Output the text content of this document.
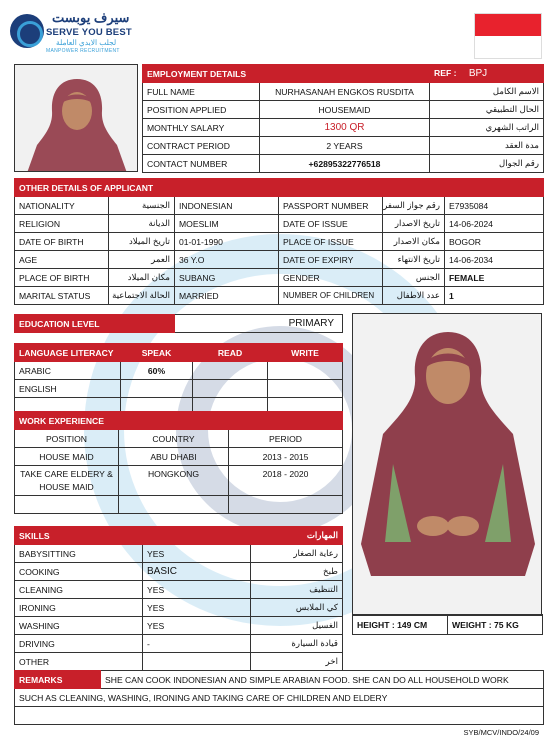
سيرف يوبست
SERVE YOU BEST
لجلب الايدي العاملة
MANPOWER RECRUITMENT
EMPLOYMENT DETAILS		REF : BPJ
FULL NAME	NURHASANAH ENGKOS RUSDITA	الاسم الكامل
POSITION APPLIED	HOUSEMAID	الحال التطبيقي
MONTHLY SALARY	1300 QR	الراتب الشهري
CONTRACT PERIOD	2 YEARS	مدة العقد
CONTACT NUMBER	+62895322776518	رقم الجوال
OTHER DETAILS OF APPLICANT					
NATIONALITY	الجنسية	INDONESIAN	PASSPORT NUMBER	رقم جواز السفر	E7935084
RELIGION	الديانة	MOESLIM	DATE OF ISSUE	تاريخ الاصدار	14-06-2024
DATE OF BIRTH	تاريخ الميلاد	01-01-1990	PLACE OF ISSUE	مكان الاصدار	BOGOR
AGE	العمر	36 Y.O	DATE OF EXPIRY	تاريخ الانتهاء	14-06-2034
PLACE OF BIRTH	مكان الميلاد	SUBANG	GENDER	الجنس	FEMALE
MARITAL STATUS	الحالة الاجتماعية	MARRIED	NUMBER OF CHILDREN	عدد الاطفال	1
EDUCATION LEVEL	PRIMARY
LANGUAGE LITERACY	SPEAK	READ	WRITE
ARABIC	60%		
ENGLISH			

WORK EXPERIENCE		
POSITION	COUNTRY	PERIOD
HOUSE MAID	ABU DHABI	2013 - 2015
TAKE CARE ELDERY & HOUSE MAID	HONGKONG	2018 - 2020

SKILLS		المهارات
BABYSITTING	YES	رعاية الصغار
COOKING	BASIC	طبخ
CLEANING	YES	التنظيف
IRONING	YES	كي الملابس
WASHING	YES	الغسيل
DRIVING	-	قيادة السيارة
OTHER		اخر
HEIGHT : 149 CM	WEIGHT : 75 KG
REMARKS	SHE CAN COOK INDONESIAN AND SIMPLE ARABIAN FOOD. SHE CAN DO ALL HOUSEHOLD WORK
SUCH AS CLEANING, WASHING, IRONING AND TAKING CARE OF CHILDREN AND ELDERY

SYB/MCV/INDO/24/09
